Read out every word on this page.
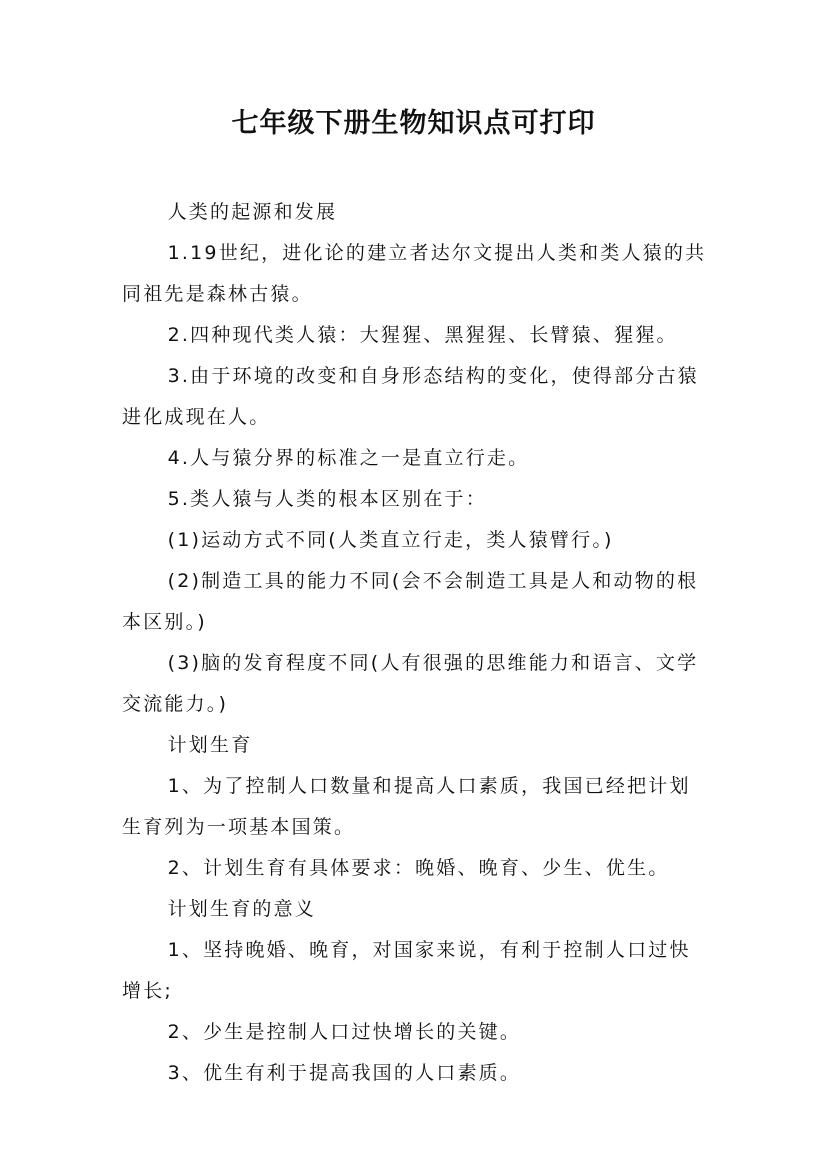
七年级下册生物知识点可打印

人类的起源和发展

1.19世纪，进化论的建立者达尔文提出人类和类人猿的共同祖先是森林古猿。

2.四种现代类人猿：大猩猩、黑猩猩、长臂猿、猩猩。

3.由于环境的改变和自身形态结构的变化，使得部分古猿进化成现在人。

4.人与猿分界的标准之一是直立行走。

5.类人猿与人类的根本区别在于：

(1)运动方式不同(人类直立行走，类人猿臂行。)

(2)制造工具的能力不同(会不会制造工具是人和动物的根本区别。)

(3)脑的发育程度不同(人有很强的思维能力和语言、文学交流能力。)

计划生育

1、为了控制人口数量和提高人口素质，我国已经把计划生育列为一项基本国策。

2、计划生育有具体要求：晚婚、晚育、少生、优生。

计划生育的意义

1、坚持晚婚、晚育，对国家来说，有利于控制人口过快增长;

2、少生是控制人口过快增长的关键。

3、优生有利于提高我国的人口素质。
